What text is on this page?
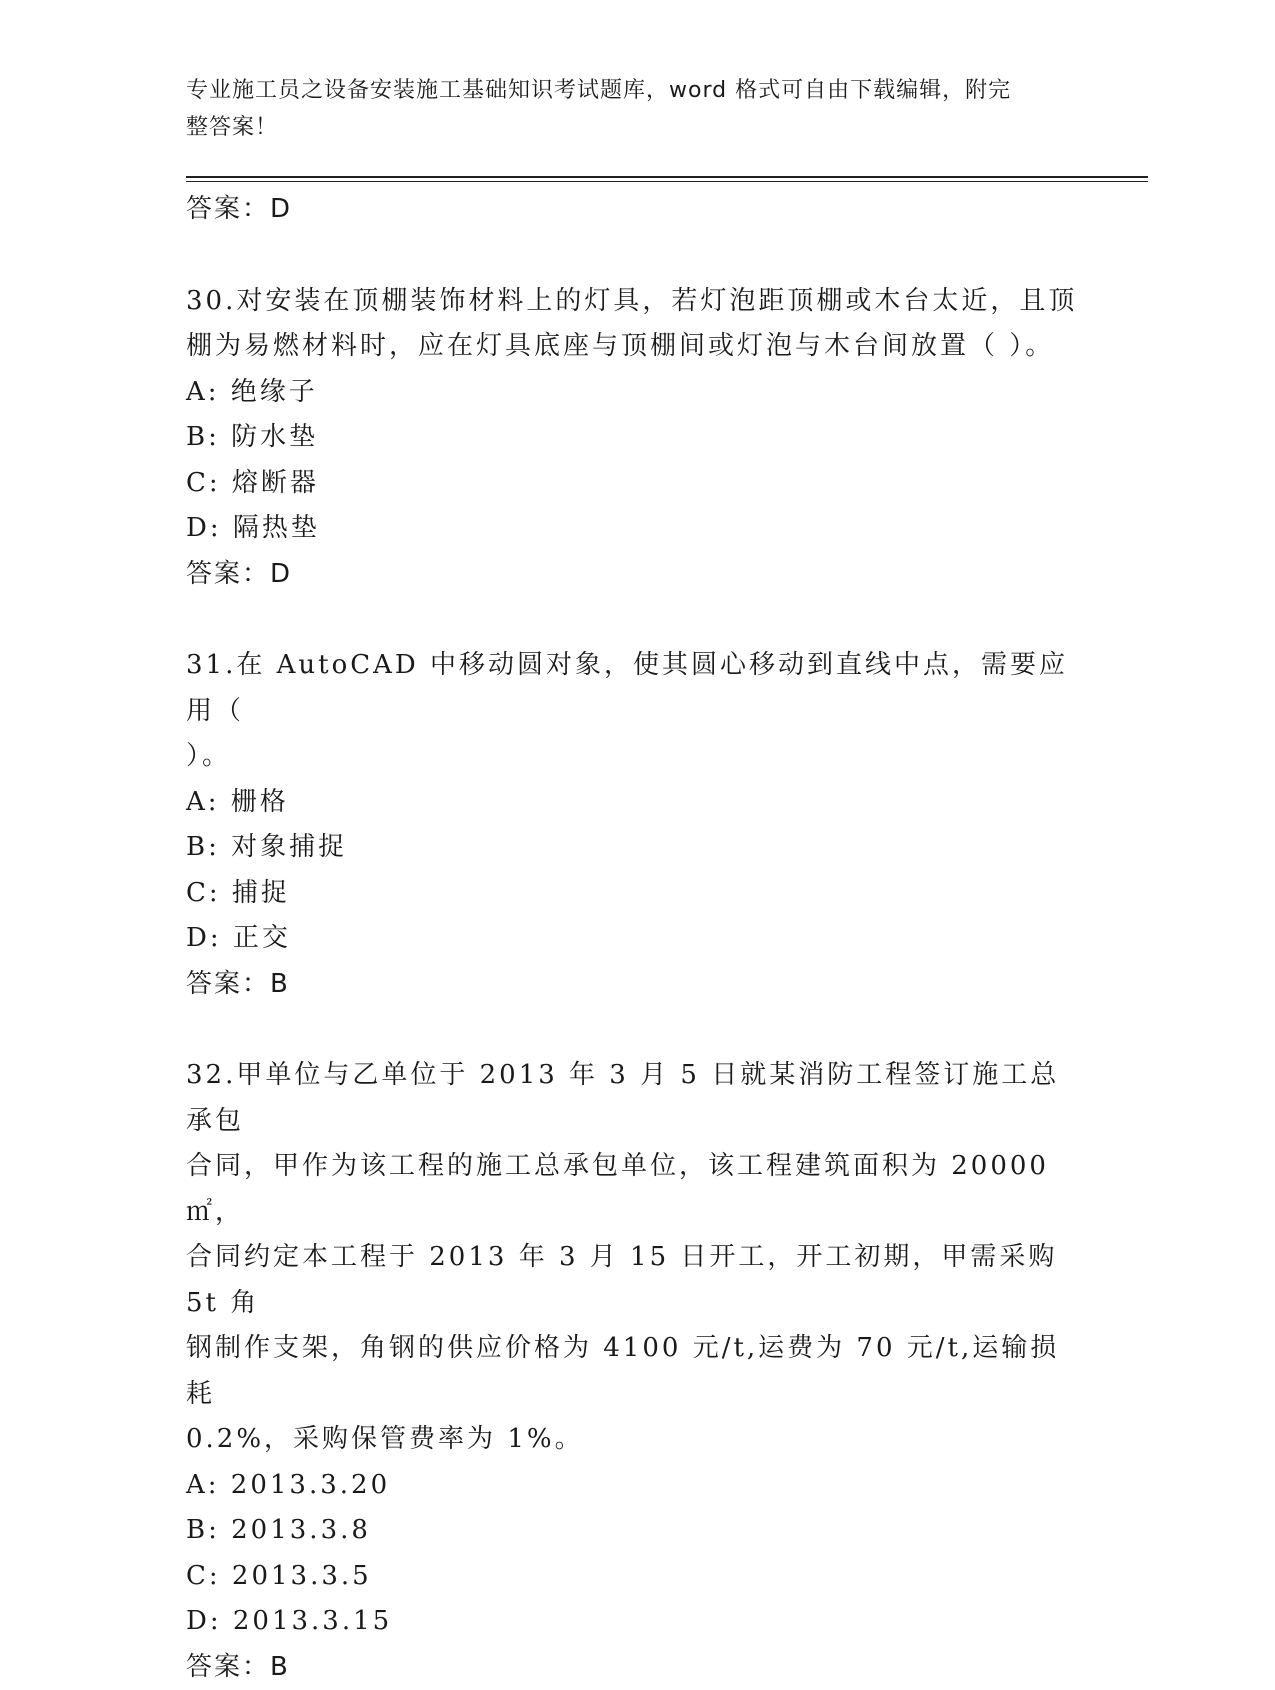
专业施工员之设备安装施工基础知识考试题库，word 格式可自由下载编辑，附完
整答案！
答案：D

30.对安装在顶棚装饰材料上的灯具，若灯泡距顶棚或木台太近，且顶

棚为易燃材料时，应在灯具底座与顶棚间或灯泡与木台间放置（ ）。

A: 绝缘子
B: 防水垫
C: 熔断器
D: 隔热垫
答案：D

31.在 AutoCAD 中移动圆对象，使其圆心移动到直线中点，需要应用（

）。

A: 栅格
B: 对象捕捉
C: 捕捉
D: 正交
答案：B

32.甲单位与乙单位于 2013 年 3 月 5 日就某消防工程签订施工总承包

合同，甲作为该工程的施工总承包单位，该工程建筑面积为 20000㎡，

合同约定本工程于 2013 年 3 月 15 日开工，开工初期，甲需采购 5t 角

钢制作支架，角钢的供应价格为 4100 元/t,运费为 70 元/t,运输损耗

0.2%，采购保管费率为 1%。

A: 2013.3.20
B: 2013.3.8
C: 2013.3.5
D: 2013.3.15
答案：B
